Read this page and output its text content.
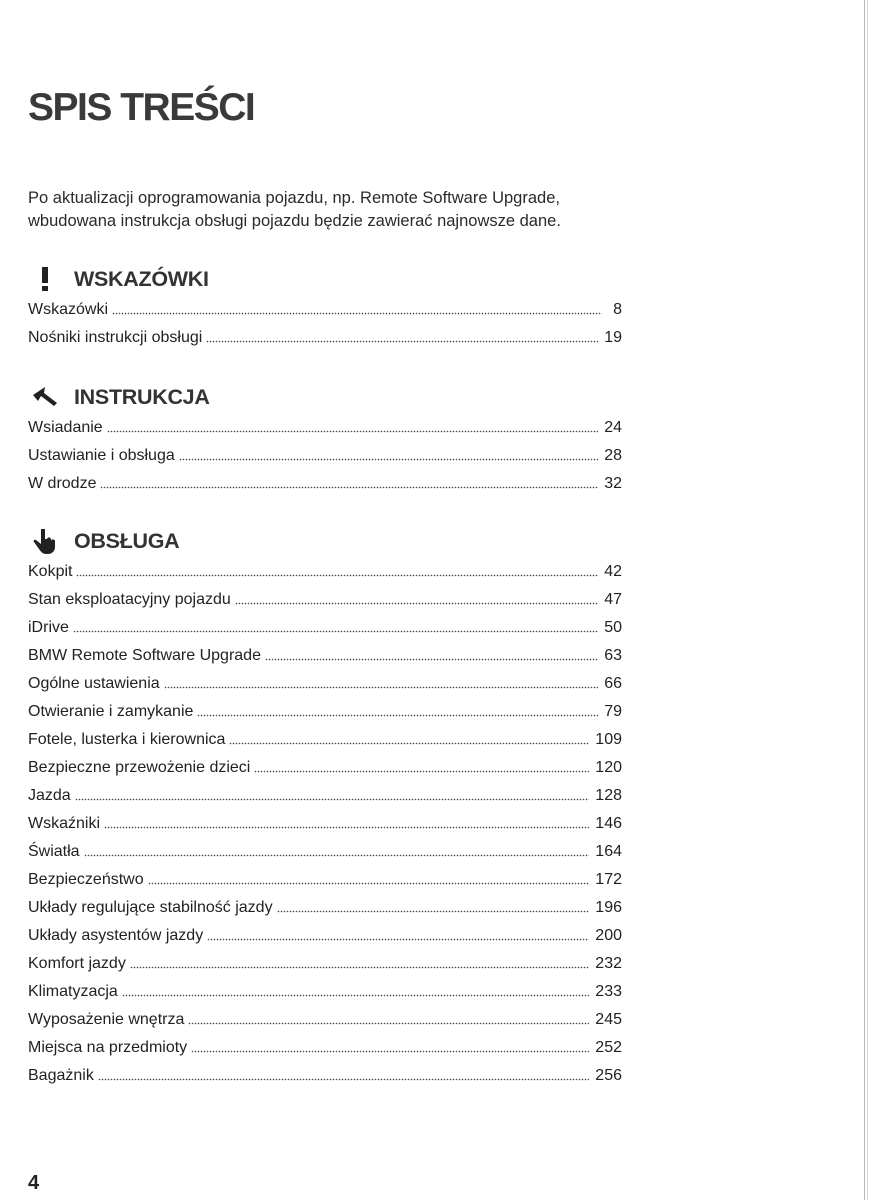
SPIS TREŚCI

Po aktualizacji oprogramowania pojazdu, np. Remote Software Upgrade, wbudowana instrukcja obsługi pojazdu będzie zawierać najnowsze dane.

WSKAZÓWKI
Wskazówki	8
Nośniki instrukcji obsługi	19
INSTRUKCJA
Wsiadanie	24
Ustawianie i obsługa	28
W drodze	32
OBSŁUGA
Kokpit	42
Stan eksploatacyjny pojazdu	47
iDrive	50
BMW Remote Software Upgrade	63
Ogólne ustawienia	66
Otwieranie i zamykanie	79
Fotele, lusterka i kierownica	109
Bezpieczne przewożenie dzieci	120
Jazda	128
Wskaźniki	146
Światła	164
Bezpieczeństwo	172
Układy regulujące stabilność jazdy	196
Układy asystentów jazdy	200
Komfort jazdy	232
Klimatyzacja	233
Wyposażenie wnętrza	245
Miejsca na przedmioty	252
Bagażnik	256
4
